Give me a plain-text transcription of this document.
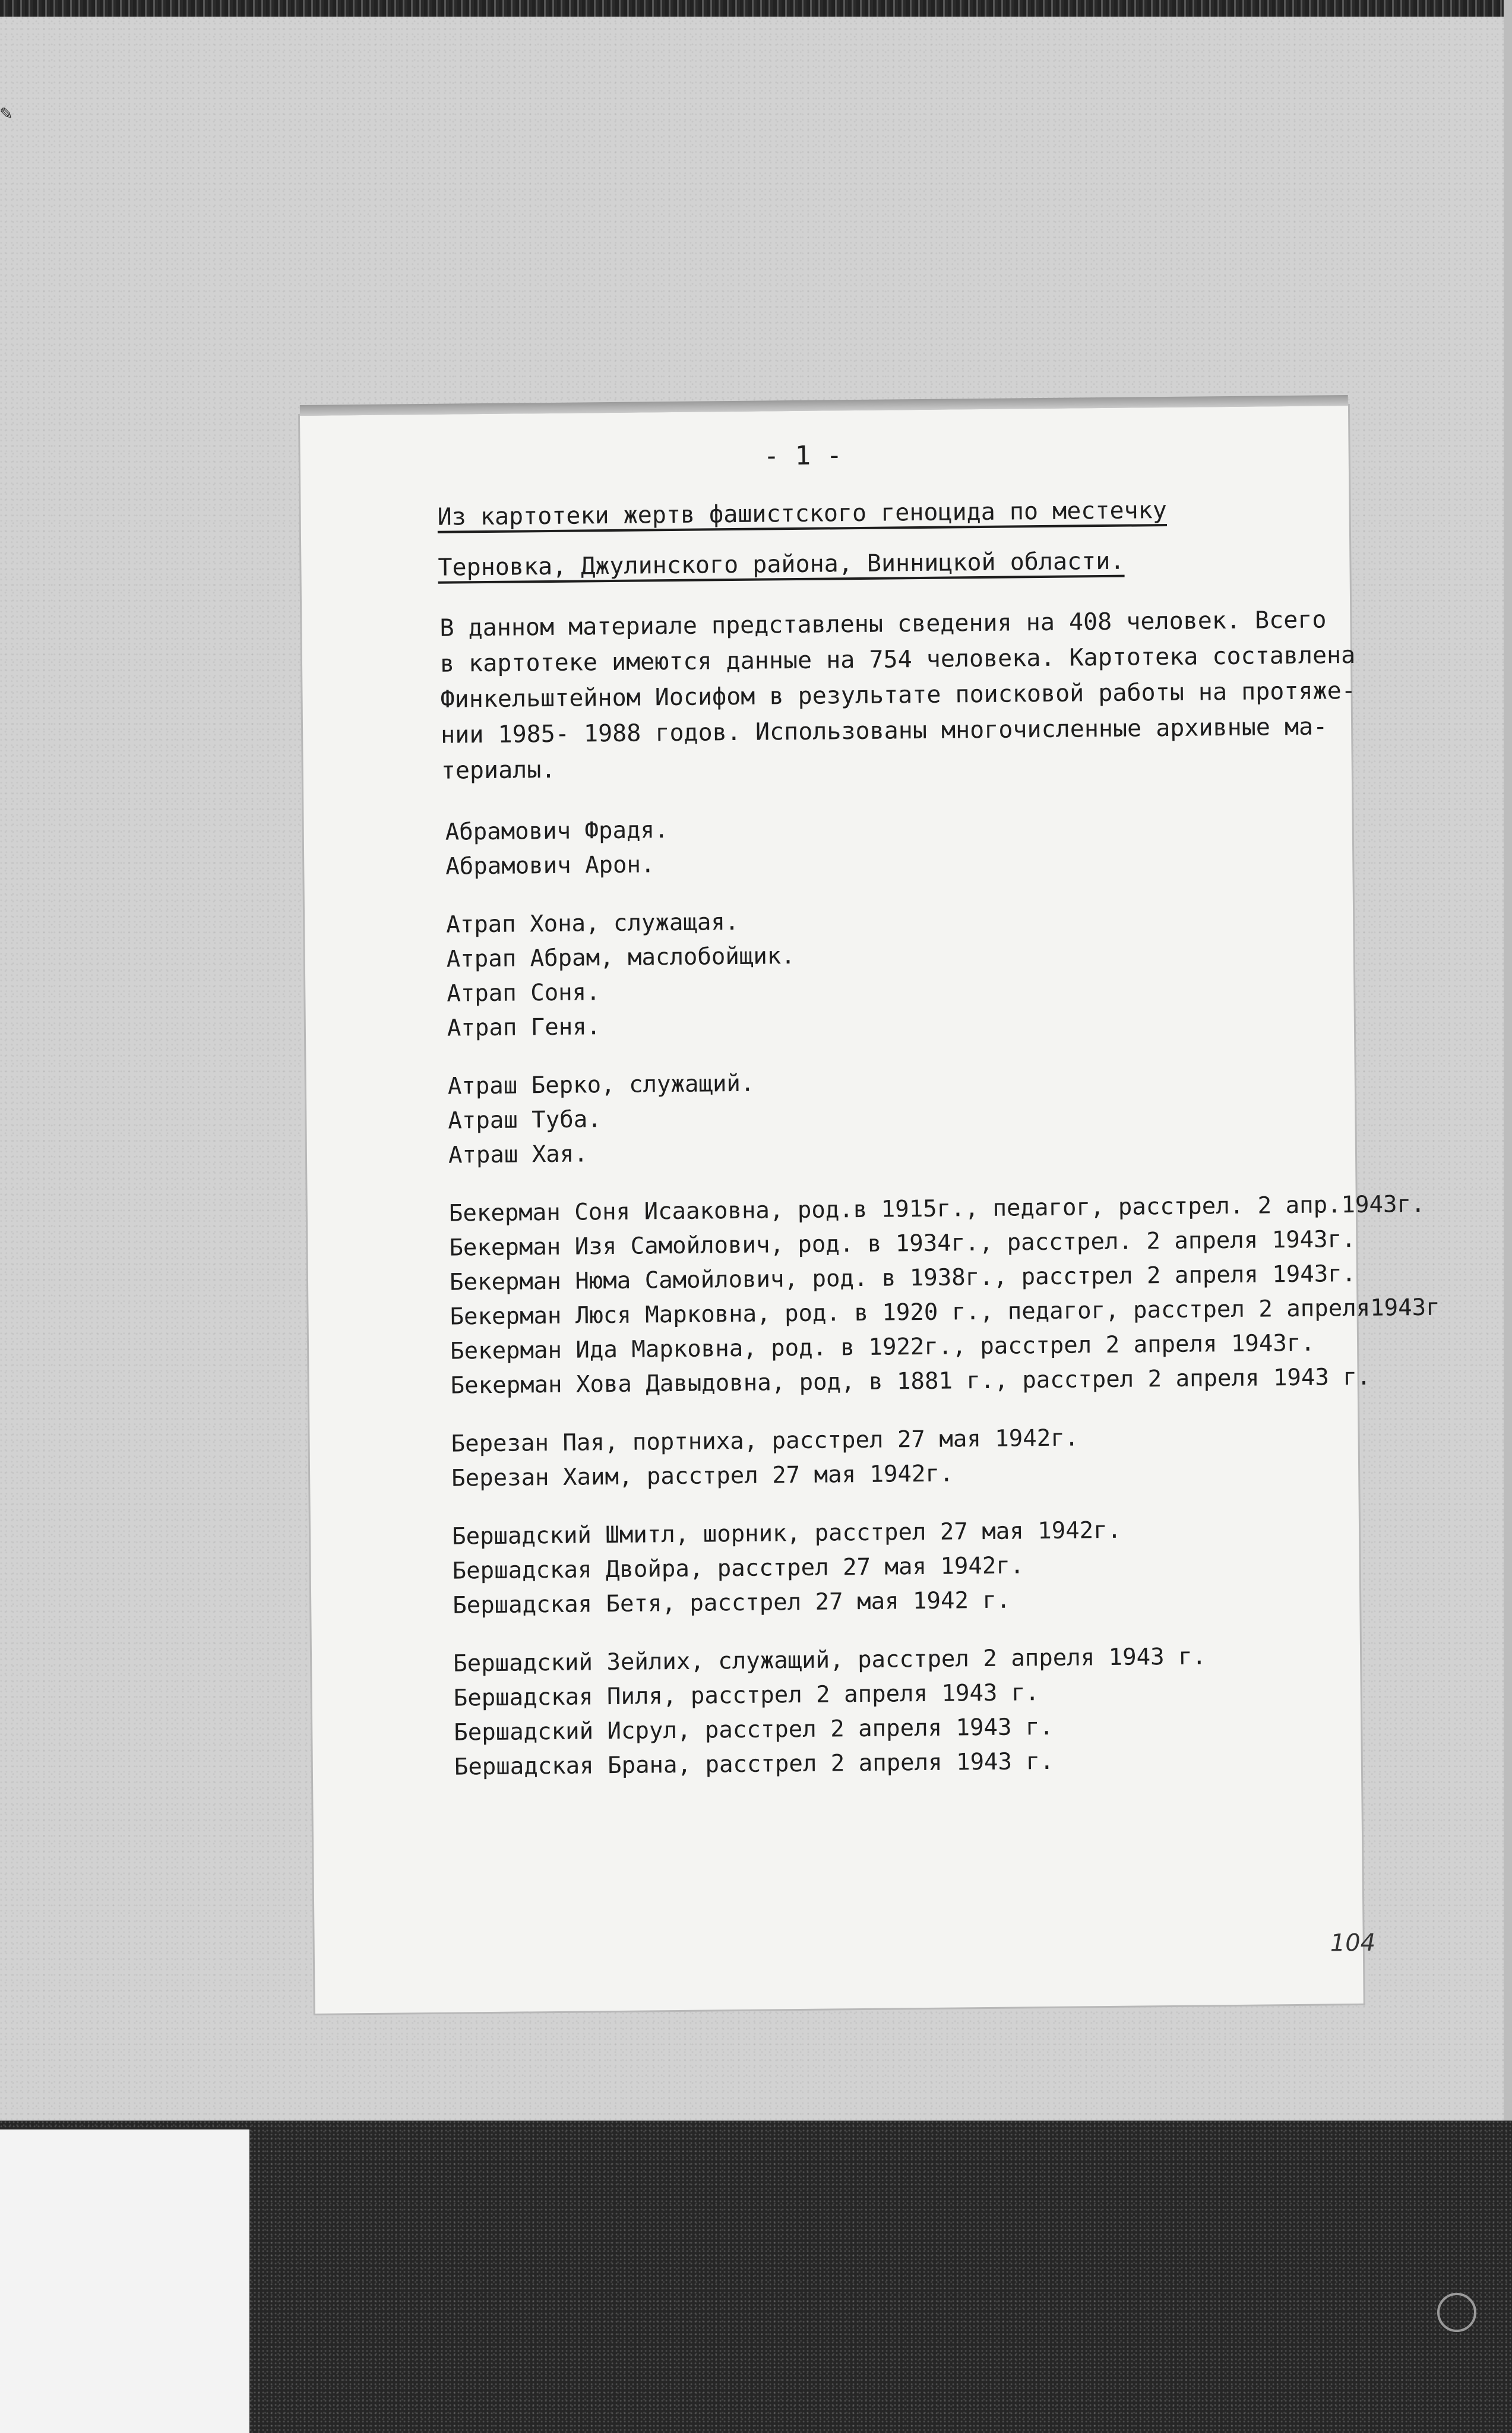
✎
- 1 -
Из картотеки жертв фашистского геноцида по местечку
Терновка, Джулинского района, Винницкой области.
В данном материале представлены сведения на 408 человек. Всего
в картотеке имеются данные на 754 человека. Картотека составлена
Финкельштейном Иосифом в результате поисковой работы на протяже-
нии 1985- 1988 годов. Использованы многочисленные архивные ма-
териалы.
Абрамович Фрадя.
Абрамович Арон.
Атрап Хона, служащая.
Атрап Абрам, маслобойщик.
Атрап Соня.
Атрап Геня.
Атраш Берко, служащий.
Атраш Туба.
Атраш Хая.
Бекерман Соня Исааковна, род.в 1915г., педагог, расстрел. 2 апр.1943г.
Бекерман Изя Самойлович, род. в 1934г., расстрел. 2 апреля 1943г.
Бекерман Нюма Самойлович, род. в 1938г., расстрел 2 апреля 1943г.
Бекерман Люся Марковна, род. в 1920 г., педагог, расстрел 2 апреля1943г
Бекерман Ида Марковна, род. в 1922г., расстрел 2 апреля 1943г.
Бекерман Хова Давыдовна, род, в 1881 г., расстрел 2 апреля 1943 г.
Березан Пая, портниха, расстрел 27 мая 1942г.
Березан Хаим, расстрел 27 мая 1942г.
Бершадский Шмитл, шорник, расстрел 27 мая 1942г.
Бершадская Двойра, расстрел 27 мая 1942г.
Бершадская Бетя, расстрел 27 мая 1942 г.
Бершадский Зейлих, служащий, расстрел 2 апреля 1943 г.
Бершадская Пиля, расстрел 2 апреля 1943 г.
Бершадский Исрул, расстрел 2 апреля 1943 г.
Бершадская Брана, расстрел 2 апреля 1943 г.
104
